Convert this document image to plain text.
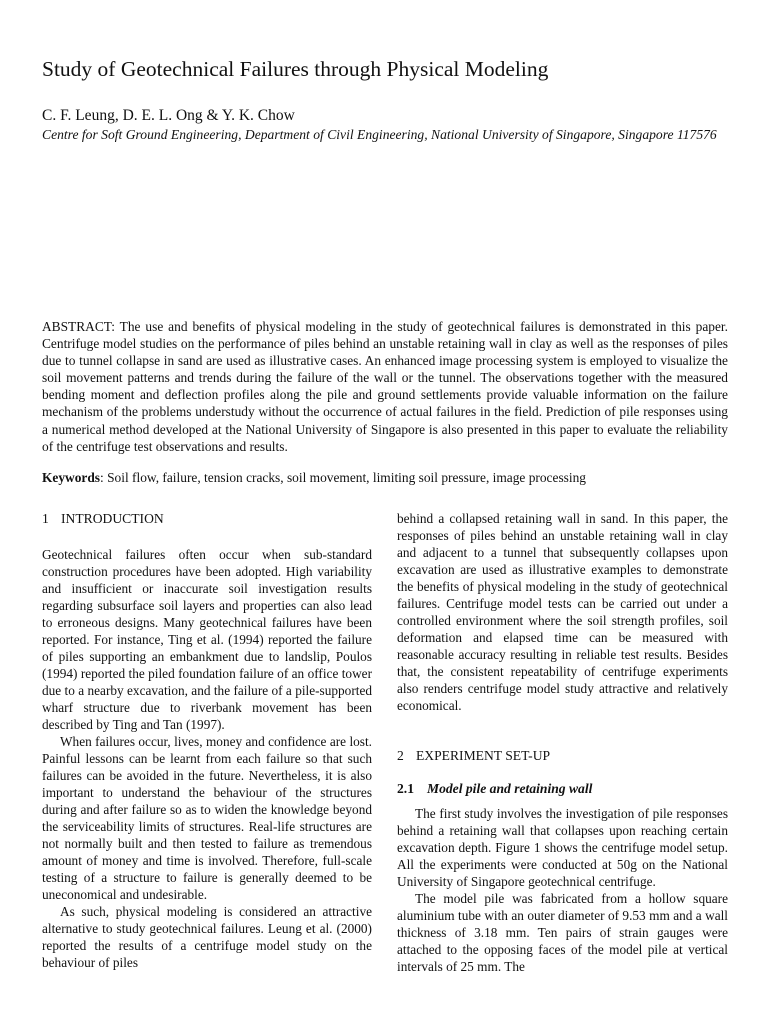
Study of Geotechnical Failures through Physical Modeling
C. F. Leung, D. E. L. Ong & Y. K. Chow
Centre for Soft Ground Engineering, Department of Civil Engineering, National University of Singapore, Singapore 117576

ABSTRACT: The use and benefits of physical modeling in the study of geotechnical failures is demonstrated in this paper. Centrifuge model studies on the performance of piles behind an unstable retaining wall in clay as well as the responses of piles due to tunnel collapse in sand are used as illustrative cases. An enhanced image processing system is employed to visualize the soil movement patterns and trends during the failure of the wall or the tunnel. The observations together with the measured bending moment and deflection profiles along the pile and ground settlements provide valuable information on the failure mechanism of the problems understudy without the occurrence of actual failures in the field. Prediction of pile responses using a numerical method developed at the National University of Singapore is also presented in this paper to evaluate the reliability of the centrifuge test observations and results.

Keywords: Soil flow, failure, tension cracks, soil movement, limiting soil pressure, image processing

1 INTRODUCTION

Geotechnical failures often occur when sub-standard construction procedures have been adopted. High variability and insufficient or inaccurate soil investigation results regarding subsurface soil layers and properties can also lead to erroneous designs. Many geotechnical failures have been reported. For instance, Ting et al. (1994) reported the failure of piles supporting an embankment due to landslip, Poulos (1994) reported the piled foundation failure of an office tower due to a nearby excavation, and the failure of a pile-supported wharf structure due to riverbank movement has been described by Ting and Tan (1997).

When failures occur, lives, money and confidence are lost. Painful lessons can be learnt from each failure so that such failures can be avoided in the future. Nevertheless, it is also important to understand the behaviour of the structures during and after failure so as to widen the knowledge beyond the serviceability limits of structures. Real-life structures are not normally built and then tested to failure as tremendous amount of money and time is involved. Therefore, full-scale testing of a structure to failure is generally deemed to be uneconomical and undesirable.

As such, physical modeling is considered an attractive alternative to study geotechnical failures. Leung et al. (2000) reported the results of a centrifuge model study on the behaviour of piles

behind a collapsed retaining wall in sand. In this paper, the responses of piles behind an unstable retaining wall in clay and adjacent to a tunnel that subsequently collapses upon excavation are used as illustrative examples to demonstrate the benefits of physical modeling in the study of geotechnical failures. Centrifuge model tests can be carried out under a controlled environment where the soil strength profiles, soil deformation and elapsed time can be measured with reasonable accuracy resulting in reliable test results. Besides that, the consistent repeatability of centrifuge experiments also renders centrifuge model study attractive and relatively economical.

2 EXPERIMENT SET-UP
2.1 Model pile and retaining wall

The first study involves the investigation of pile responses behind a retaining wall that collapses upon reaching certain excavation depth. Figure 1 shows the centrifuge model setup. All the experiments were conducted at 50g on the National University of Singapore geotechnical centrifuge.

The model pile was fabricated from a hollow square aluminium tube with an outer diameter of 9.53 mm and a wall thickness of 3.18 mm. Ten pairs of strain gauges were attached to the opposing faces of the model pile at vertical intervals of 25 mm. The
